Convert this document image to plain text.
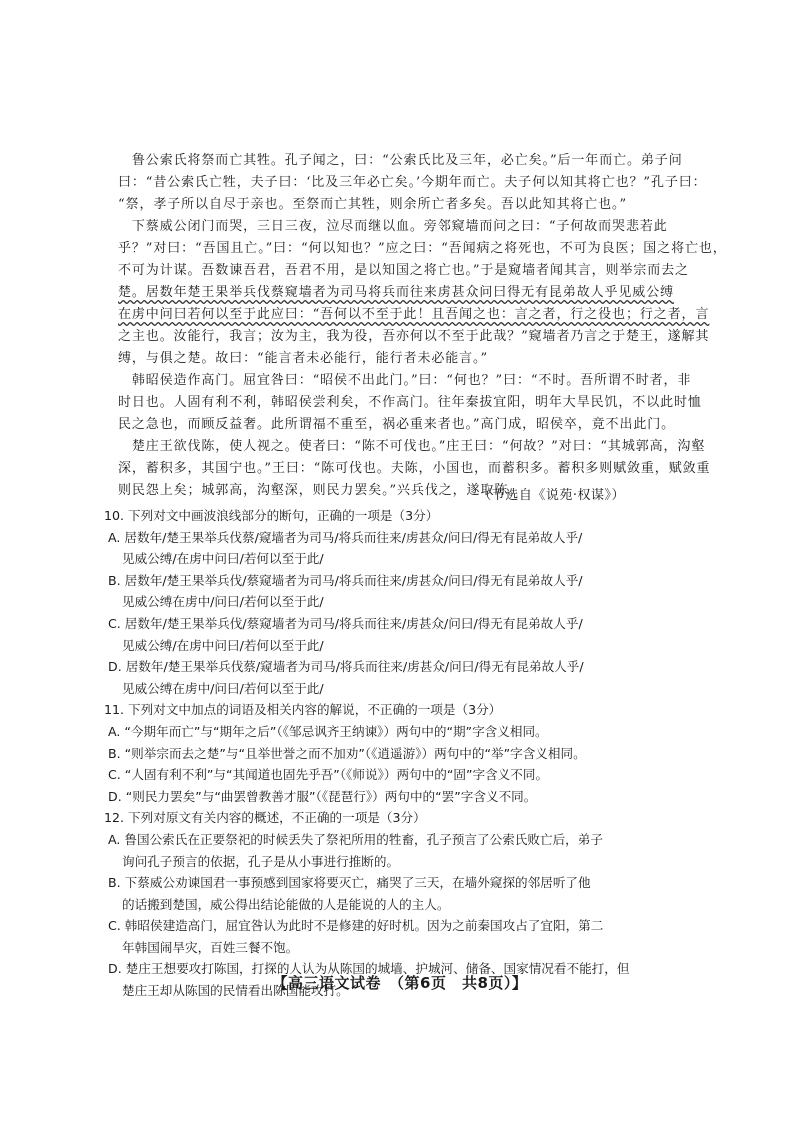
　鲁公索氏将祭而亡其牲。孔子闻之，曰：“公索氏比及三年，必亡矣。”后一年而亡。弟子问
曰：“昔公索氏亡牲，夫子曰：‘比及三年必亡矣。’今期年而亡。夫子何以知其将亡也？”孔子曰：
“祭，孝子所以自尽于亲也。至祭而亡其牲，则余所亡者多矣。吾以此知其将亡也。”
　下蔡威公闭门而哭，三日三夜，泣尽而继以血。旁邻窥墙而问之曰：“子何故而哭悲若此
乎？”对曰：“吾国且亡。”曰：“何以知也？”应之曰：“吾闻病之将死也，不可为良医；国之将亡也，
不可为计谋。吾数谏吾君，吾君不用，是以知国之将亡也。”于是窥墙者闻其言，则举宗而去之
楚。居数年楚王果举兵伐蔡窥墙者为司马将兵而往来虏甚众问曰得无有昆弟故人乎见威公缚
在虏中问曰若何以至于此应曰：“吾何以不至于此！且吾闻之也：言之者，行之役也；行之者，言
之主也。汝能行，我言；汝为主，我为役，吾亦何以不至于此哉？”窥墙者乃言之于楚王，遂解其
缚，与俱之楚。故曰：“能言者未必能行，能行者未必能言。”
　韩昭侯造作高门。屈宜咎曰：“昭侯不出此门。”曰：“何也？”曰：“不时。吾所谓不时者，非
时日也。人固有利不利，韩昭侯尝利矣，不作高门。往年秦拔宜阳，明年大旱民饥，不以此时恤
民之急也，而顾反益奢。此所谓福不重至，祸必重来者也。”高门成，昭侯卒，竟不出此门。
　楚庄王欲伐陈，使人视之。使者曰：“陈不可伐也。”庄王曰：“何故？”对曰：“其城郭高，沟壑
深，蓄积多，其国宁也。”王曰：“陈可伐也。夫陈，小国也，而蓄积多。蓄积多则赋敛重，赋敛重
则民怨上矣；城郭高，沟壑深，则民力罢矣。”兴兵伐之，遂取陈。
（节选自《说苑·权谋》）
10. 下列对文中画波浪线部分的断句，正确的一项是（3分）
A. 居数年/楚王果举兵伐蔡/窥墙者为司马/将兵而往来/虏甚众/问曰/得无有昆弟故人乎/
见威公缚/在虏中问曰/若何以至于此/
B. 居数年/楚王果举兵伐/蔡窥墙者为司马/将兵而往来/虏甚众/问曰/得无有昆弟故人乎/
见威公缚在虏中/问曰/若何以至于此/
C. 居数年/楚王果举兵伐/蔡窥墙者为司马/将兵而往来/虏甚众/问曰/得无有昆弟故人乎/
见威公缚/在虏中问曰/若何以至于此/
D. 居数年/楚王果举兵伐蔡/窥墙者为司马/将兵而往来/虏甚众/问曰/得无有昆弟故人乎/
见威公缚在虏中/问曰/若何以至于此/
11. 下列对文中加点的词语及相关内容的解说，不正确的一项是（3分）
A. “今期年而亡”与“期年之后”（《邹忌讽齐王纳谏》）两句中的“期”字含义相同。
B. “则举宗而去之楚”与“且举世誉之而不加劝”（《逍遥游》）两句中的“举”字含义相同。
C. “人固有利不利”与“其闻道也固先乎吾”（《师说》）两句中的“固”字含义不同。
D. “则民力罢矣”与“曲罢曾教善才服”（《琵琶行》）两句中的“罢”字含义不同。
12. 下列对原文有关内容的概述，不正确的一项是（3分）
A. 鲁国公索氏在正要祭祀的时候丢失了祭祀所用的牲畜，孔子预言了公索氏败亡后，弟子
询问孔子预言的依据，孔子是从小事进行推断的。
B. 下蔡威公劝谏国君一事预感到国家将要灭亡，痛哭了三天，在墙外窥探的邻居听了他
的话搬到楚国，威公得出结论能做的人是能说的人的主人。
C. 韩昭侯建造高门，屈宜咎认为此时不是修建的好时机。因为之前秦国攻占了宜阳，第二
年韩国闹旱灾，百姓三餐不饱。
D. 楚庄王想要攻打陈国，打探的人认为从陈国的城墙、护城河、储备、国家情况看不能打，但
楚庄王却从陈国的民情看出陈国能攻打。
【高三语文试卷　（第6页　共8页）】
